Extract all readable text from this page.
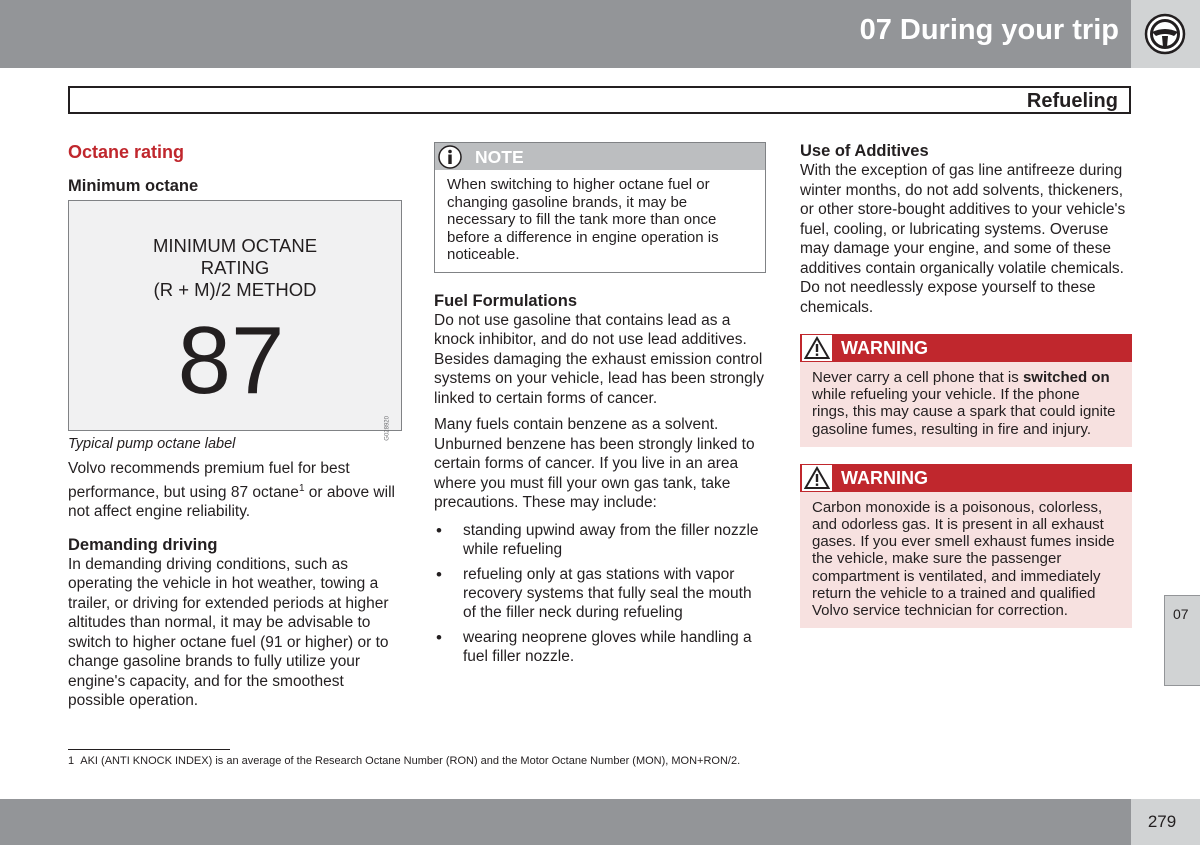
07 During your trip
Refueling
Octane rating
Minimum octane
MINIMUM OCTANE
RATING
(R + M)/2 METHOD
87
G028920
Typical pump octane label

Volvo recommends premium fuel for best performance, but using 87 octane$^1$ or above will not affect engine reliability.

Demanding driving

In demanding driving conditions, such as operating the vehicle in hot weather, towing a trailer, or driving for extended periods at higher altitudes than normal, it may be advisable to switch to higher octane fuel (91 or higher) or to change gasoline brands to fully utilize your engine's capacity, and for the smoothest possible operation.

NOTE
When switching to higher octane fuel or changing gasoline brands, it may be necessary to fill the tank more than once before a difference in engine operation is noticeable.
Fuel Formulations

Do not use gasoline that contains lead as a knock inhibitor, and do not use lead additives. Besides damaging the exhaust emission control systems on your vehicle, lead has been strongly linked to certain forms of cancer.

Many fuels contain benzene as a solvent. Unburned benzene has been strongly linked to certain forms of cancer. If you live in an area where you must fill your own gas tank, take precautions. These may include:

• standing upwind away from the filler nozzle while refueling
• refueling only at gas stations with vapor recovery systems that fully seal the mouth of the filler neck during refueling
• wearing neoprene gloves while handling a fuel filler nozzle.
Use of Additives

With the exception of gas line antifreeze during winter months, do not add solvents, thickeners, or other store-bought additives to your vehicle's fuel, cooling, or lubricating systems. Overuse may damage your engine, and some of these additives contain organically volatile chemicals. Do not needlessly expose yourself to these chemicals.

WARNING
Never carry a cell phone that is switched on while refueling your vehicle. If the phone rings, this may cause a spark that could ignite gasoline fumes, resulting in fire and injury.
WARNING
Carbon monoxide is a poisonous, colorless, and odorless gas. It is present in all exhaust gases. If you ever smell exhaust fumes inside the vehicle, make sure the passenger compartment is ventilated, and immediately return the vehicle to a trained and qualified Volvo service technician for correction.	07
1 AKI (ANTI KNOCK INDEX) is an average of the Research Octane Number (RON) and the Motor Octane Number (MON), MON+RON/2.
279
